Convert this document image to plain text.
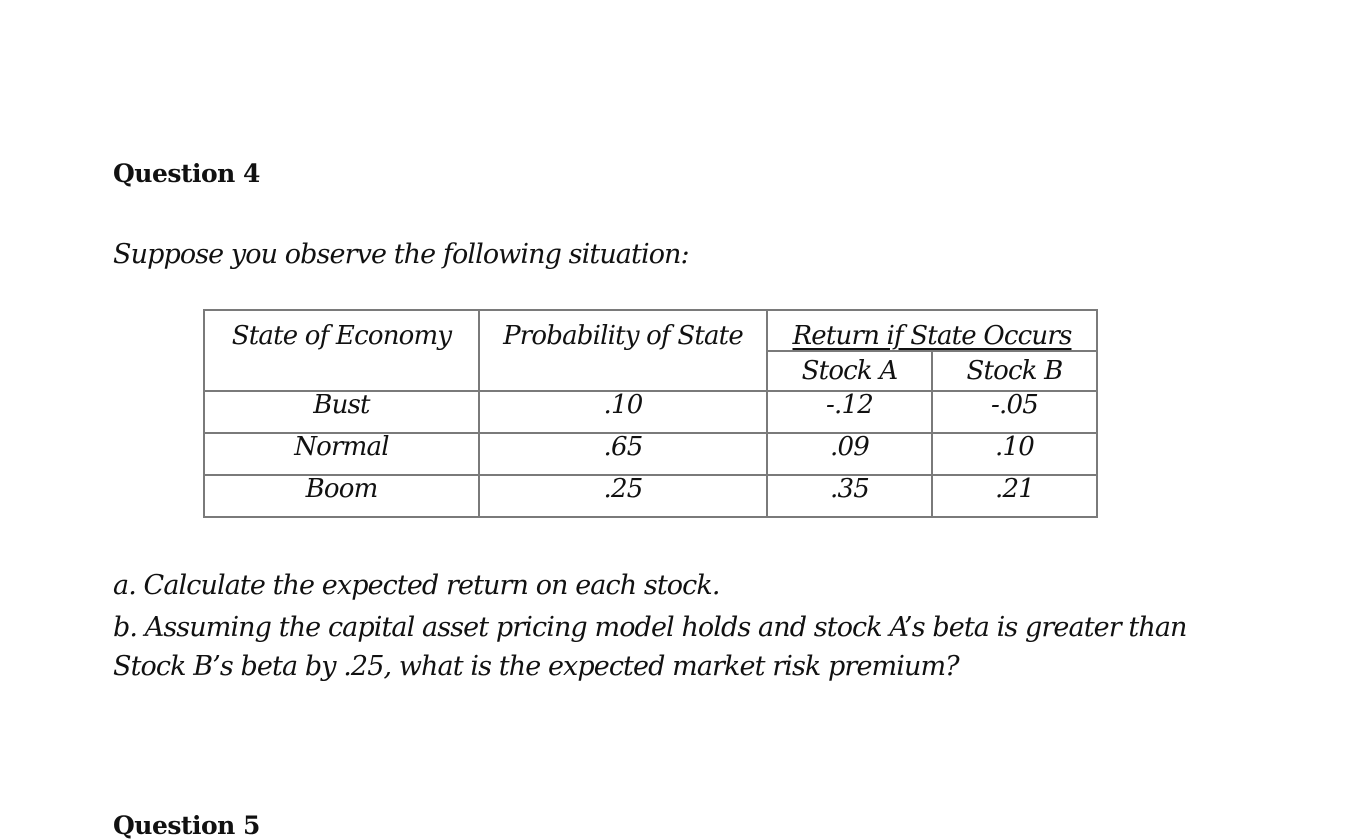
Question 4

Suppose you observe the following situation:

State of Economy	Probability of State	Return if State Occurs	
		Stock A	Stock B
Bust	.10	-.12	-.05
Normal	.65	.09	.10
Boom	.25	.35	.21

a. Calculate the expected return on each stock.

b. Assuming the capital asset pricing model holds and stock A’s beta is greater than

Stock B’s beta by .25, what is the expected market risk premium?

Question 5
